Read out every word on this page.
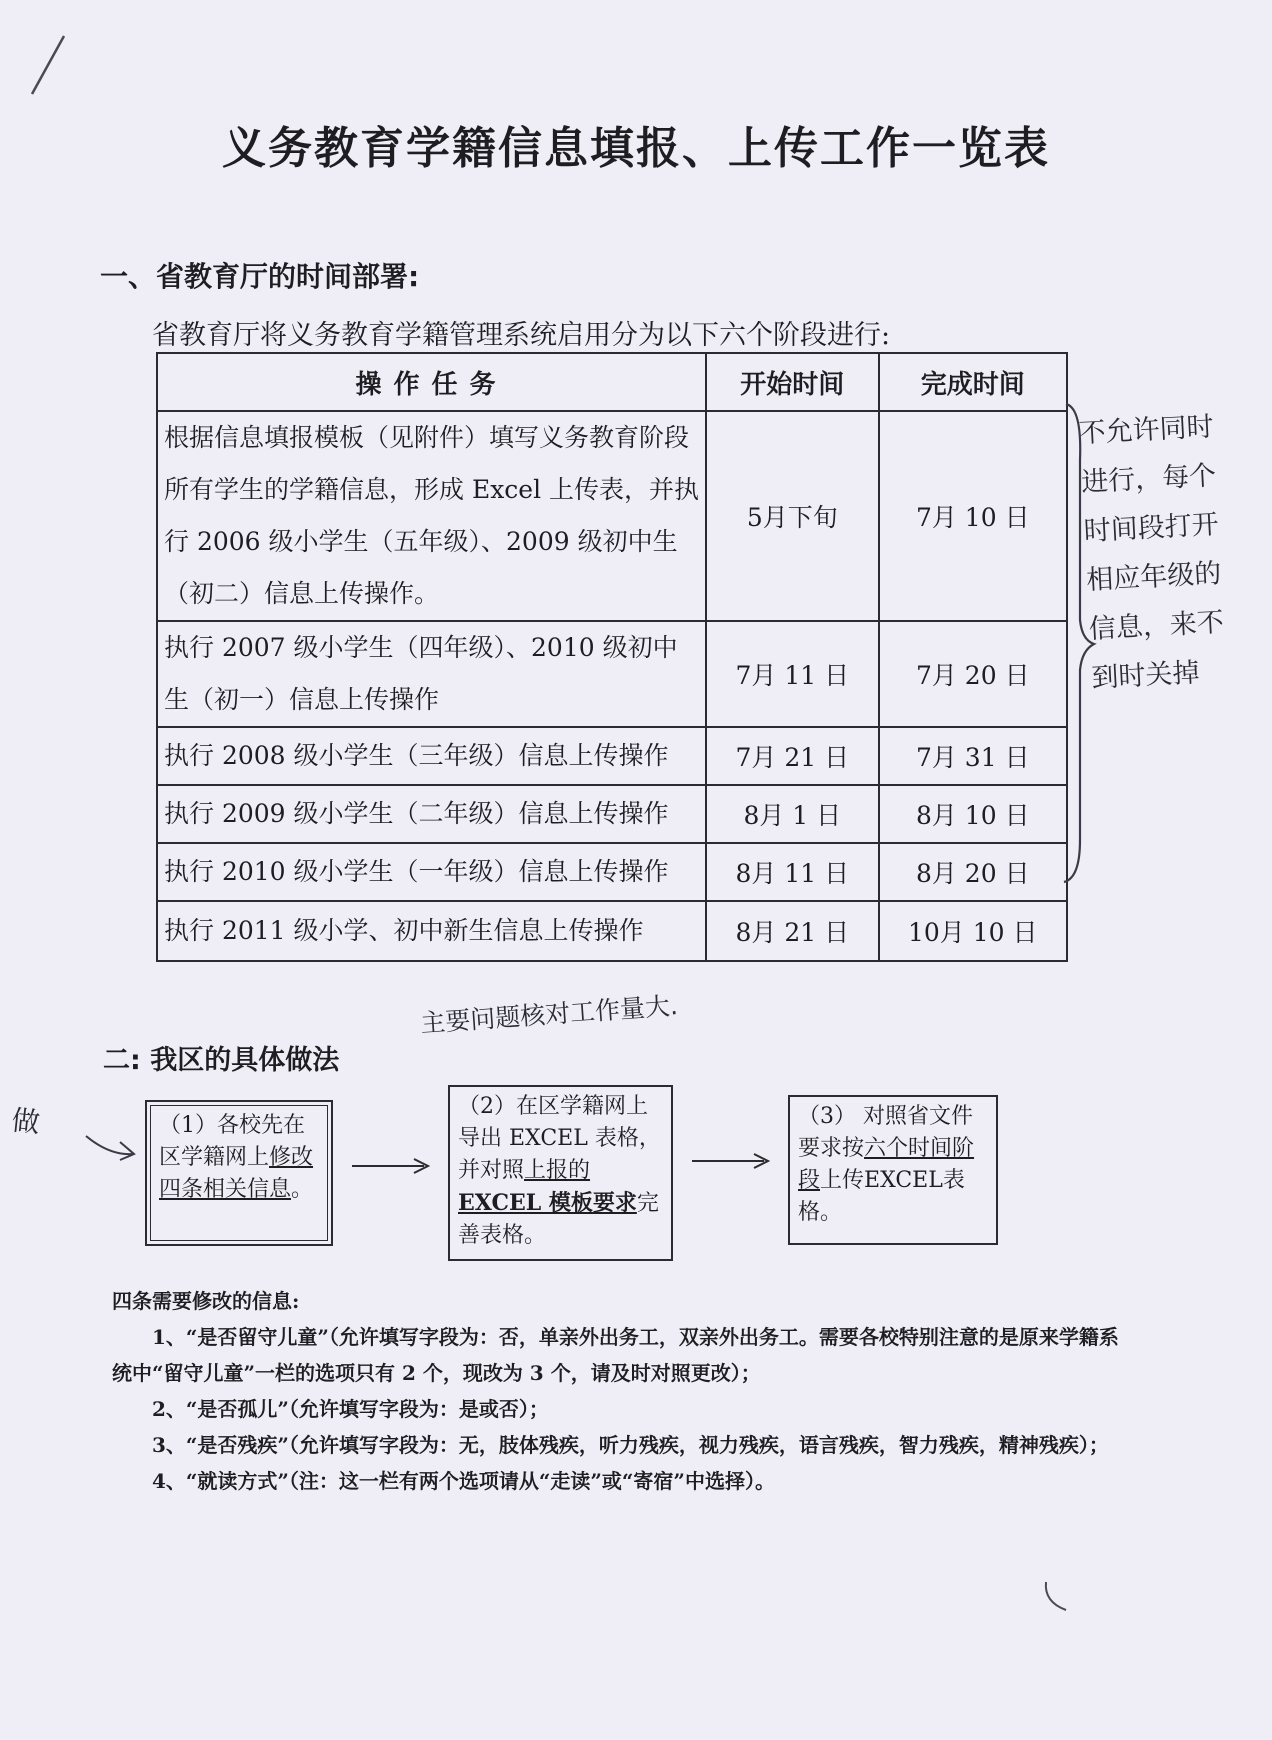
义务教育学籍信息填报、上传工作一览表
一、省教育厅的时间部署:
省教育厅将义务教育学籍管理系统启用分为以下六个阶段进行:
操作任务	开始时间	完成时间
根据信息填报模板（见附件）填写义务教育阶段所有学生的学籍信息，形成 Excel 上传表，并执行 2006 级小学生（五年级）、2009 级初中生（初二）信息上传操作。	5月下旬	7月 10 日
执行 2007 级小学生（四年级）、2010 级初中生（初一）信息上传操作	7月 11 日	7月 20 日
执行 2008 级小学生（三年级）信息上传操作	7月 21 日	7月 31 日
执行 2009 级小学生（二年级）信息上传操作	8月 1 日	8月 10 日
执行 2010 级小学生（一年级）信息上传操作	8月 11 日	8月 20 日
执行 2011 级小学、初中新生信息上传操作	8月 21 日	10月 10 日
不允许同时进行，每个时间段打开相应年级的信息，来不到时关掉
主要问题核对工作量大.
二: 我区的具体做法
做	（1）各校先在区学籍网上修改四条相关信息。
（2）在区学籍网上导出 EXCEL 表格，并对照上报的EXCEL 模板要求完善表格。
（3） 对照省文件要求按六个时间阶段上传EXCEL表格。

四条需要修改的信息:

1、“是否留守儿童”（允许填写字段为：否，单亲外出务工，双亲外出务工。需要各校特别注意的是原来学籍系统中“留守儿童”一栏的选项只有 2 个，现改为 3 个，请及时对照更改）；

2、“是否孤儿”（允许填写字段为：是或否）；

3、“是否残疾”（允许填写字段为：无，肢体残疾，听力残疾，视力残疾，语言残疾，智力残疾，精神残疾）；

4、“就读方式”（注：这一栏有两个选项请从“走读”或“寄宿”中选择）。
